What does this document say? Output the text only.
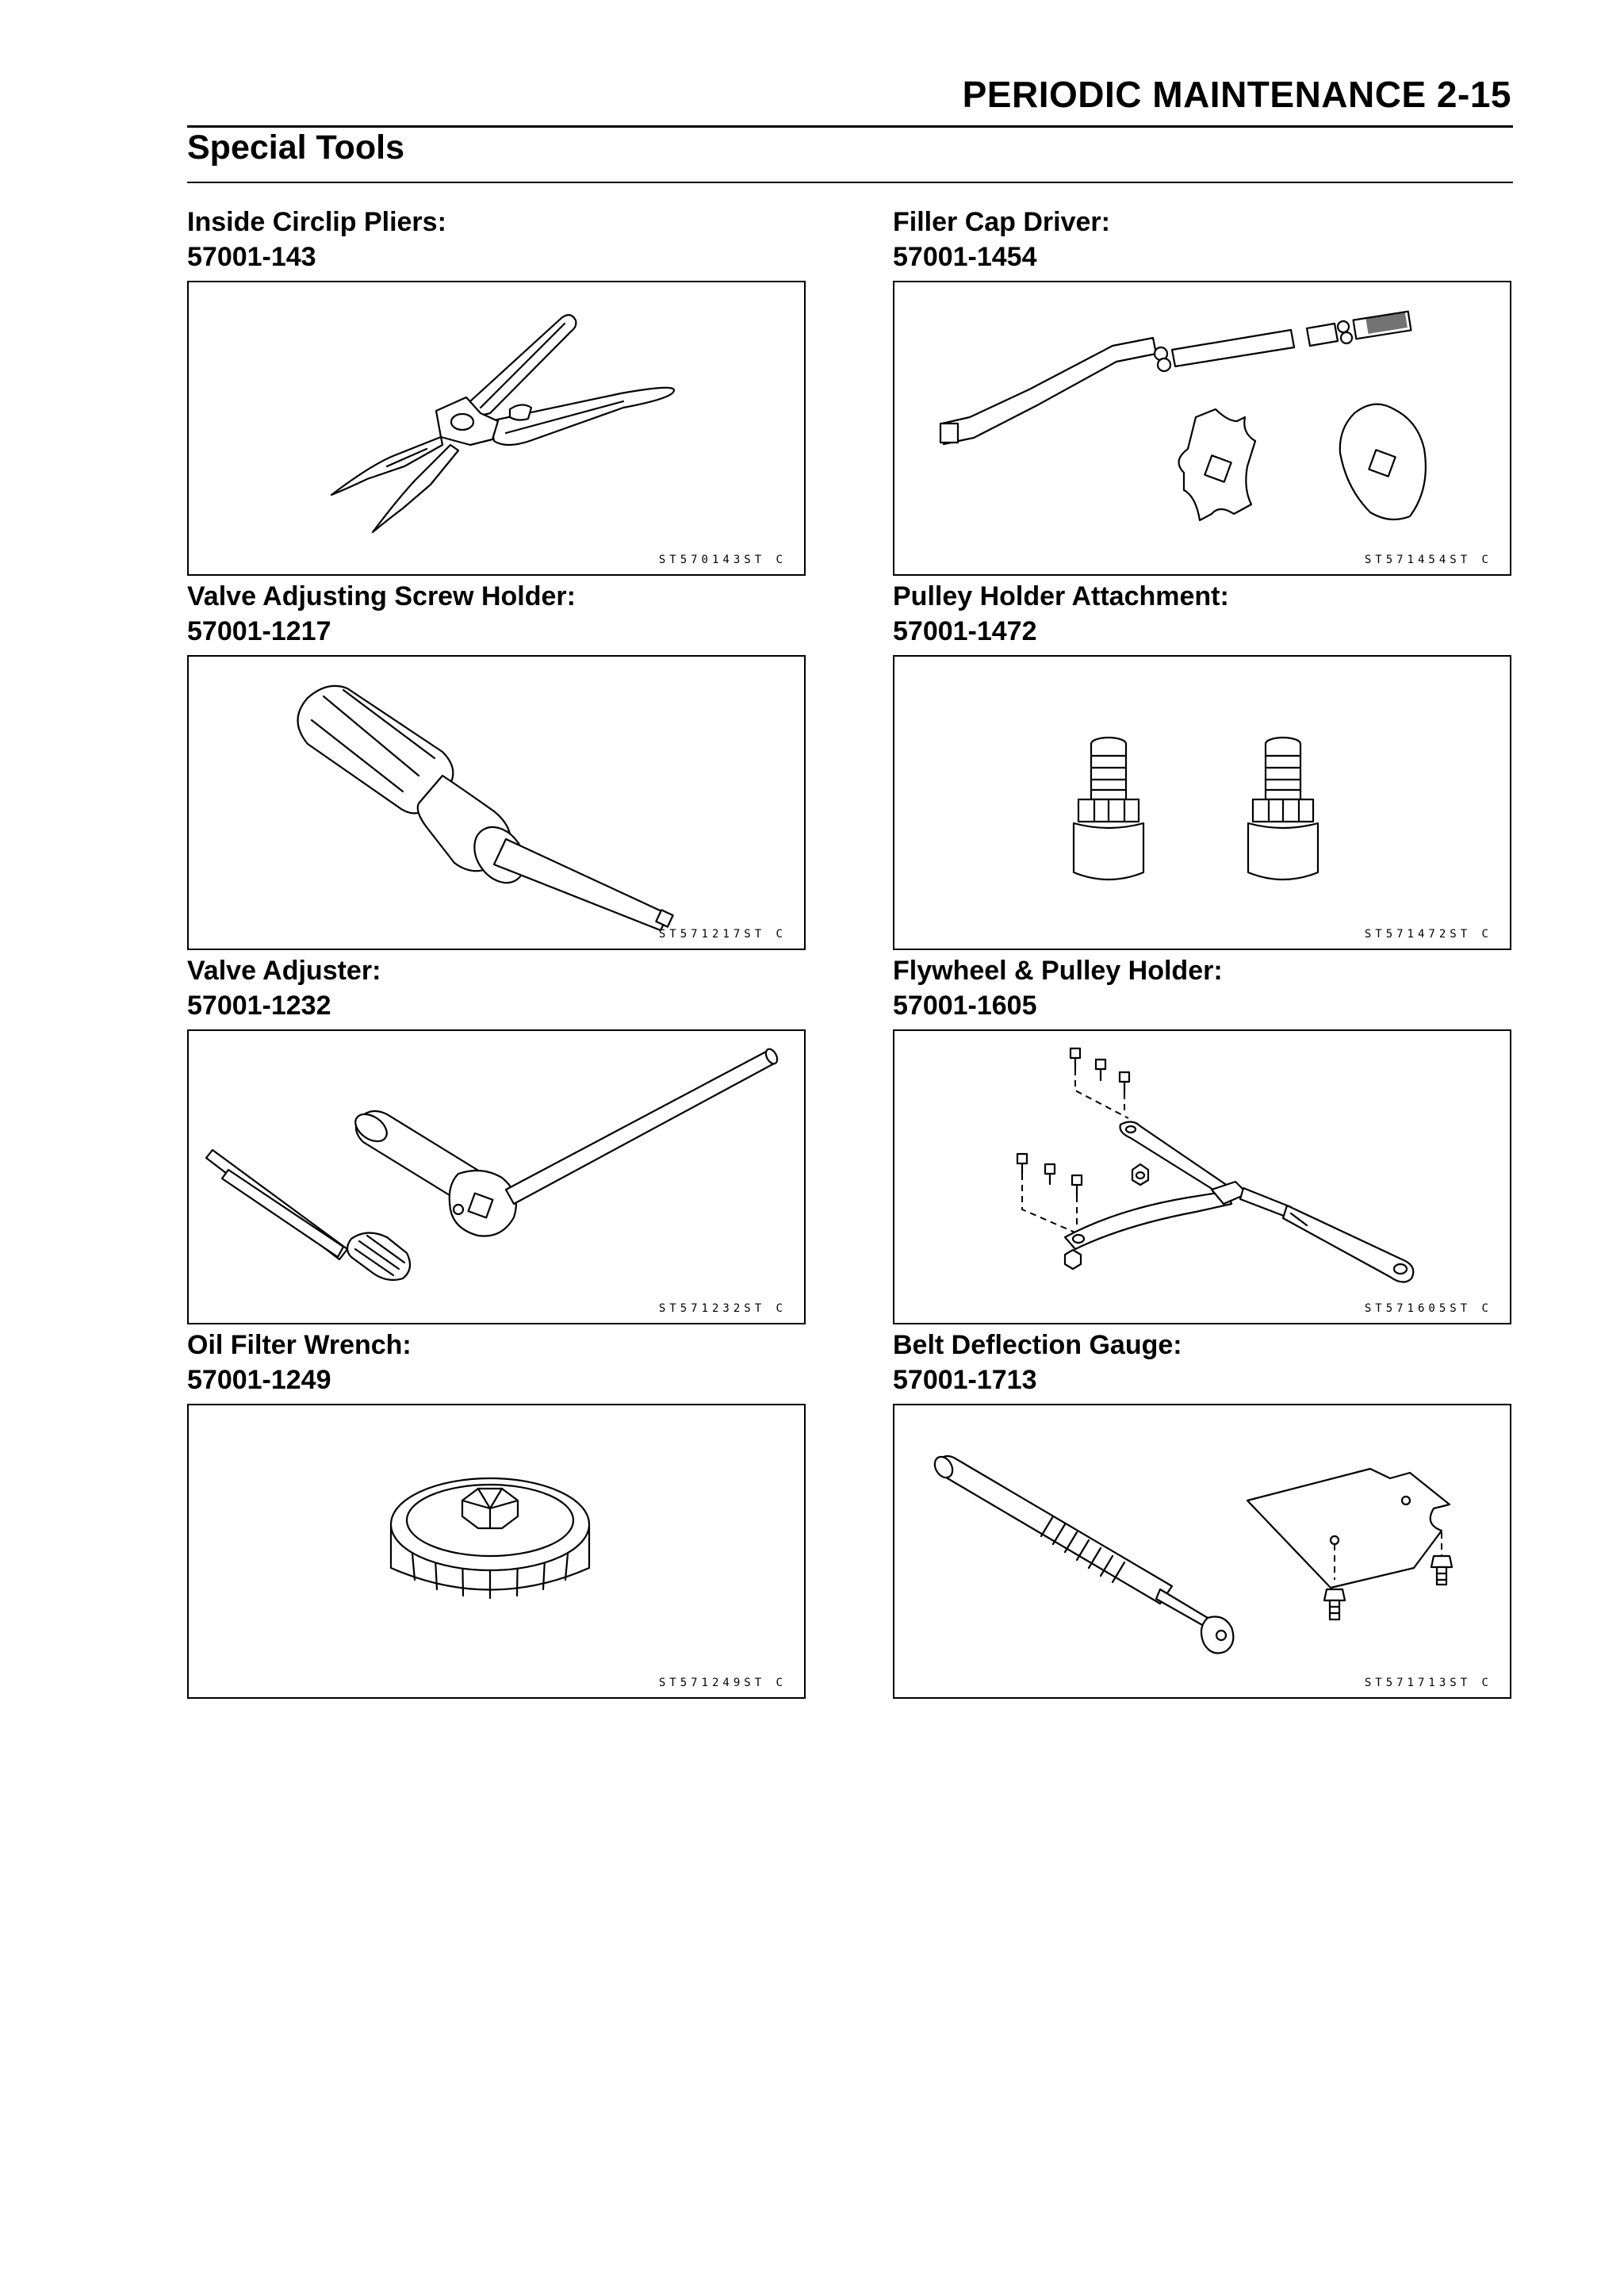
PERIODIC MAINTENANCE 2-15
Special Tools
Inside Circlip Pliers:
57001-143
ST570143ST C
Filler Cap Driver:
57001-1454
ST571454ST C
Valve Adjusting Screw Holder:
57001-1217
ST571217ST C
Pulley Holder Attachment:
57001-1472
ST571472ST C
Valve Adjuster:
57001-1232
ST571232ST C
Flywheel & Pulley Holder:
57001-1605
ST571605ST C
Oil Filter Wrench:
57001-1249
ST571249ST C
Belt Deflection Gauge:
57001-1713
ST571713ST C
